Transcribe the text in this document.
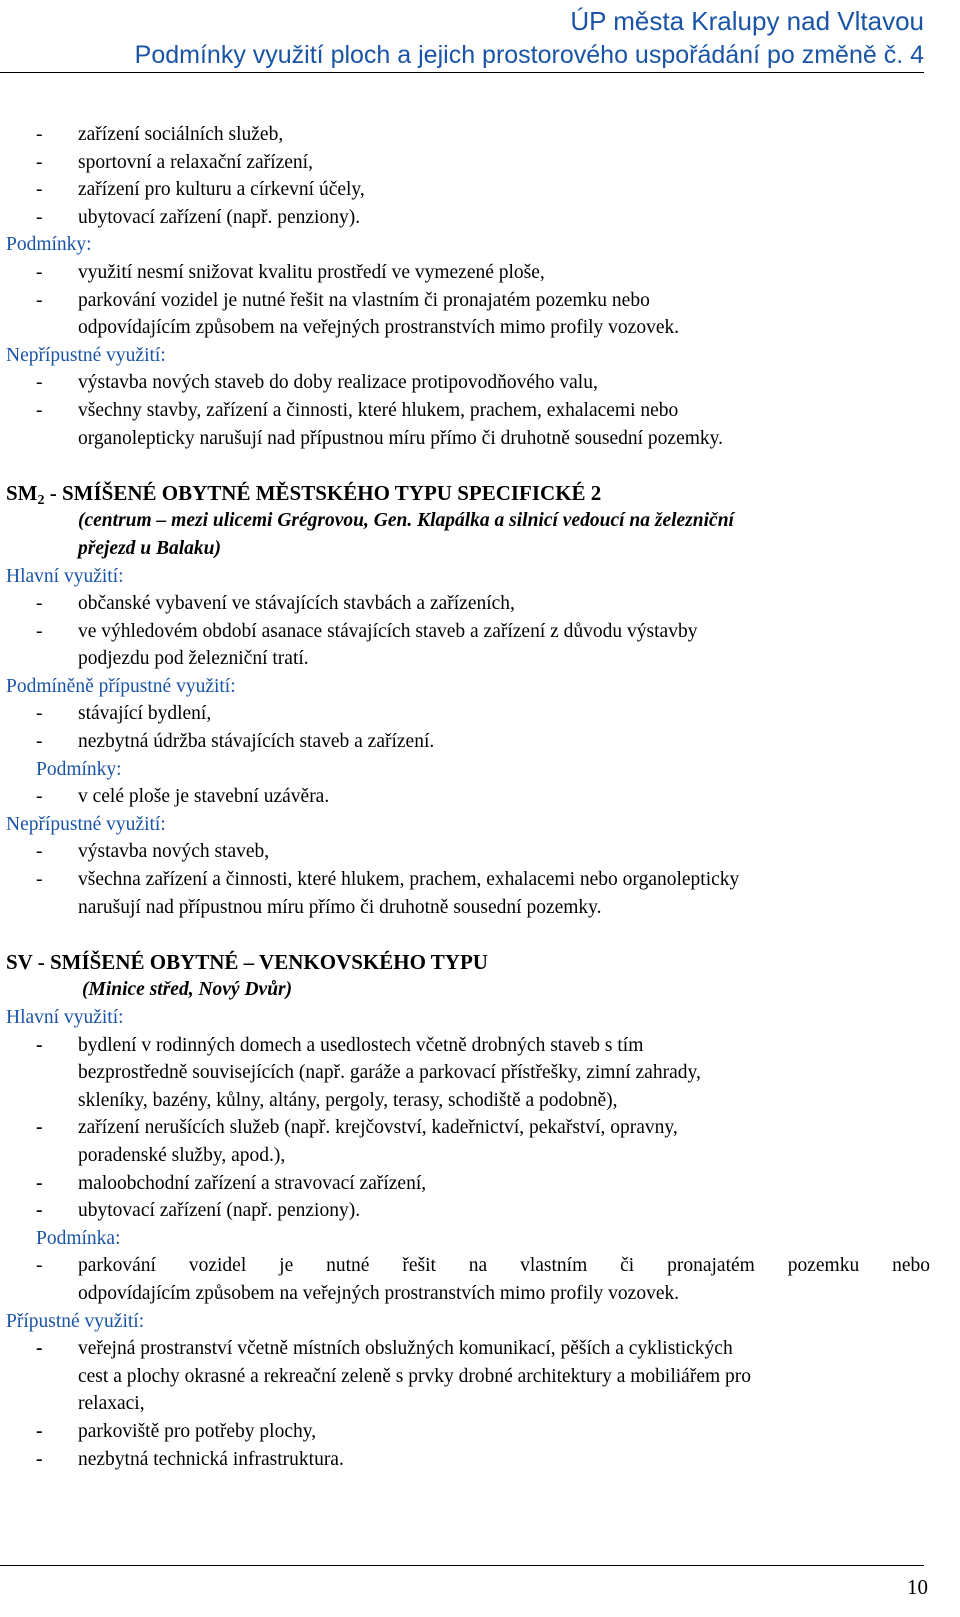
ÚP města Kralupy nad Vltavou
Podmínky využití ploch a jejich prostorového uspořádání po změně č. 4
- zařízení sociálních služeb,
- sportovní a relaxační zařízení,
- zařízení pro kulturu a církevní účely,
- ubytovací zařízení (např. penziony).
Podmínky:
- využití nesmí snižovat kvalitu prostředí ve vymezené ploše,
- parkování vozidel je nutné řešit na vlastním či pronajatém pozemku nebo
odpovídajícím způsobem na veřejných prostranstvích mimo profily vozovek.
Nepřípustné využití:
- výstavba nových staveb do doby realizace protipovodňového valu,
- všechny stavby, zařízení a činnosti, které hlukem, prachem, exhalacemi nebo
organolepticky narušují nad přípustnou míru přímo či druhotně sousední pozemky.
$SM_2$ - SMÍŠENÉ OBYTNÉ MĚSTSKÉHO TYPU SPECIFICKÉ 2
(centrum – mezi ulicemi Grégrovou, Gen. Klapálka a silnicí vedoucí na železniční
přejezd u Balaku)
Hlavní využití:
- občanské vybavení ve stávajících stavbách a zařízeních,
- ve výhledovém období asanace stávajících staveb a zařízení z důvodu výstavby
podjezdu pod železniční tratí.
Podmíněně přípustné využití:
- stávající bydlení,
- nezbytná údržba stávajících staveb a zařízení.
Podmínky:
- v celé ploše je stavební uzávěra.
Nepřípustné využití:
- výstavba nových staveb,
- všechna zařízení a činnosti, které hlukem, prachem, exhalacemi nebo organolepticky
narušují nad přípustnou míru přímo či druhotně sousední pozemky.
SV - SMÍŠENÉ OBYTNÉ – VENKOVSKÉHO TYPU
(Minice střed, Nový Dvůr)
Hlavní využití:
- bydlení v rodinných domech a usedlostech včetně drobných staveb s tím
bezprostředně souvisejících (např. garáže a parkovací přístřešky, zimní zahrady,
skleníky, bazény, kůlny, altány, pergoly, terasy, schodiště a podobně),
- zařízení nerušících služeb (např. krejčovství, kadeřnictví, pekařství, opravny,
poradenské služby, apod.),
- maloobchodní zařízení a stravovací zařízení,
- ubytovací zařízení (např. penziony).
Podmínka:
- parkování vozidel je nutné řešit na vlastním či pronajatém pozemku nebo
odpovídajícím způsobem na veřejných prostranstvích mimo profily vozovek.
Přípustné využití:
- veřejná prostranství včetně místních obslužných komunikací, pěších a cyklistických
cest a plochy okrasné a rekreační zeleně s prvky drobné architektury a mobiliářem pro
relaxaci,
- parkoviště pro potřeby plochy,
- nezbytná technická infrastruktura.
10
